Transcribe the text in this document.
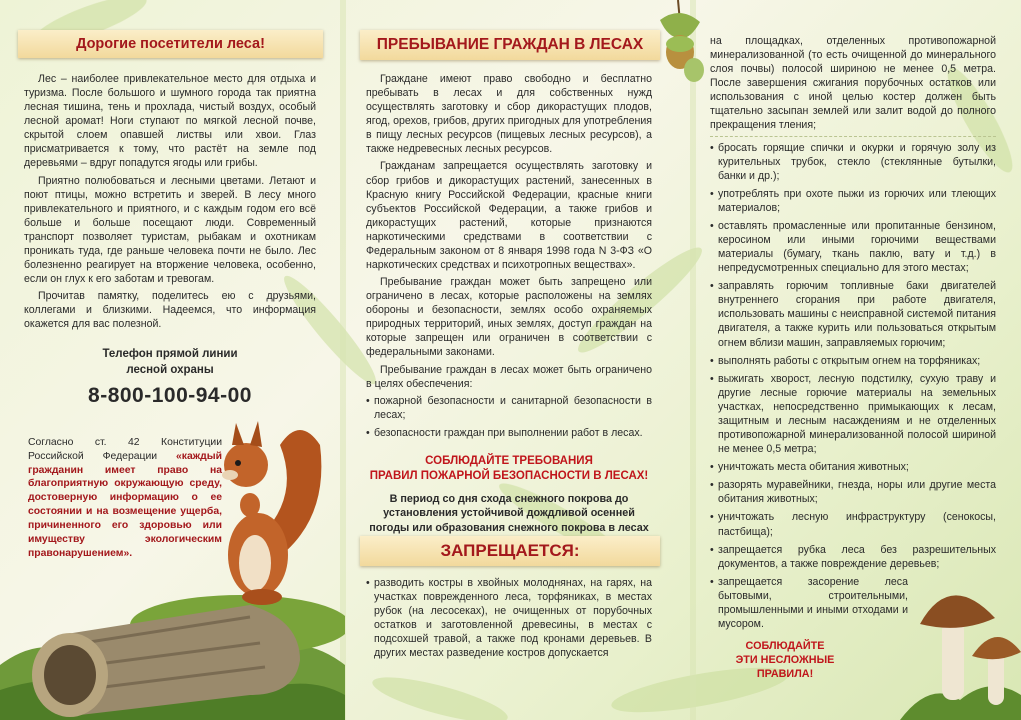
Дорогие посетители леса!

Лес – наиболее привлекательное место для отдыха и туризма. После большого и шумного города так приятна лесная тишина, тень и прохлада, чистый воздух, особый лесной аромат! Ноги ступают по мягкой лесной почве, скрытой слоем опавшей листвы или хвои. Глаз присматривается к тому, что растёт на земле под деревьями – вдруг попадутся ягоды или грибы.

Приятно полюбоваться и лесными цветами. Летают и поют птицы, можно встретить и зверей. В лесу много привлекательного и приятного, и с каждым годом его всё больше и больше посещают люди. Современный транспорт позволяет туристам, рыбакам и охотникам проникать туда, где раньше человека почти не было. Лес болезненно реагирует на вторжение человека, особенно, если он глух к его заботам и тревогам.

Прочитав памятку, поделитесь ею с друзьями, коллегами и близкими. Надеемся, что информация окажется для вас полезной.

Телефон прямой линии
лесной охраны
8-800-100-94-00
Согласно ст. 42 Конституции Российской Федерации «каждый гражданин имеет право на благоприятную окружающую среду, достоверную информацию о ее состоянии и на возмещение ущерба, причиненного его здоровью или имуществу экологическим правонарушением».
ПРЕБЫВАНИЕ ГРАЖДАН В ЛЕСАХ

Граждане имеют право свободно и бесплатно пребывать в лесах и для собственных нужд осуществлять заготовку и сбор дикорастущих плодов, ягод, орехов, грибов, других пригодных для употребления в пищу лесных ресурсов (пищевых лесных ресурсов), а также недревесных лесных ресурсов.

Гражданам запрещается осуществлять заготовку и сбор грибов и дикорастущих растений, занесенных в Красную книгу Российской Федерации, красные книги субъектов Российской Федерации, а также грибов и дикорастущих растений, которые признаются наркотическими средствами в соответствии с Федеральным законом от 8 января 1998 года N 3-ФЗ «О наркотических средствах и психотропных веществах».

Пребывание граждан может быть запрещено или ограничено в лесах, которые расположены на землях обороны и безопасности, землях особо охраняемых природных территорий, иных землях, доступ граждан на которые запрещен или ограничен в соответствии с федеральными законами.

Пребывание граждан в лесах может быть ограничено в целях обеспечения:

• пожарной безопасности и санитарной безопасности в лесах;
• безопасности граждан при выполнении работ в лесах.
СОБЛЮДАЙТЕ ТРЕБОВАНИЯ
ПРАВИЛ ПОЖАРНОЙ БЕЗОПАСНОСТИ В ЛЕСАХ!
В период со дня схода снежного покрова до установления устойчивой дождливой осенней погоды или образования снежного покрова в лесах
ЗАПРЕЩАЕТСЯ:
• разводить костры в хвойных молоднянах, на гарях, на участках поврежденного леса, торфяниках, в местах рубок (на лесосеках), не очищенных от порубочных остатков и заготовленной древесины, в местах с подсохшей травой, а также под кронами деревьев. В других местах разведение костров допускается

на площадках, отделенных противопожарной минерализованной (то есть очищенной до минерального слоя почвы) полосой шириною не менее 0,5 метра. После завершения сжигания порубочных остатков или использования с иной целью костер должен быть тщательно засыпан землей или залит водой до полного прекращения тления;

• бросать горящие спички и окурки и горячую золу из курительных трубок, стекло (стеклянные бутылки, банки и др.);
• употреблять при охоте пыжи из горючих или тлеющих материалов;
• оставлять промасленные или пропитанные бензином, керосином или иными горючими веществами материалы (бумагу, ткань паклю, вату и т.д.) в непредусмотренных специально для этого местах;
• заправлять горючим топливные баки двигателей внутреннего сгорания при работе двигателя, использовать машины с неисправной системой питания двигателя, а также курить или пользоваться открытым огнем вблизи машин, заправляемых горючим;
• выполнять работы с открытым огнем на торфяниках;
• выжигать хворост, лесную подстилку, сухую траву и другие лесные горючие материалы на земельных участках, непосредственно примыкающих к лесам, защитным и лесным насаждениям и не отделенных противопожарной минерализованной полосой шириной не менее 0,5 метра;
• уничтожать места обитания животных;
• разорять муравейники, гнезда, норы или другие места обитания животных;
• уничтожать лесную инфраструктуру (сенокосы, пастбища);
• запрещается рубка леса без разрешительных документов, а также повреждение деревьев;
• запрещается засорение леса бытовыми, строительными, промышленными и иными отходами и мусором.
СОБЛЮДАЙТЕ
ЭТИ НЕСЛОЖНЫЕ ПРАВИЛА!
